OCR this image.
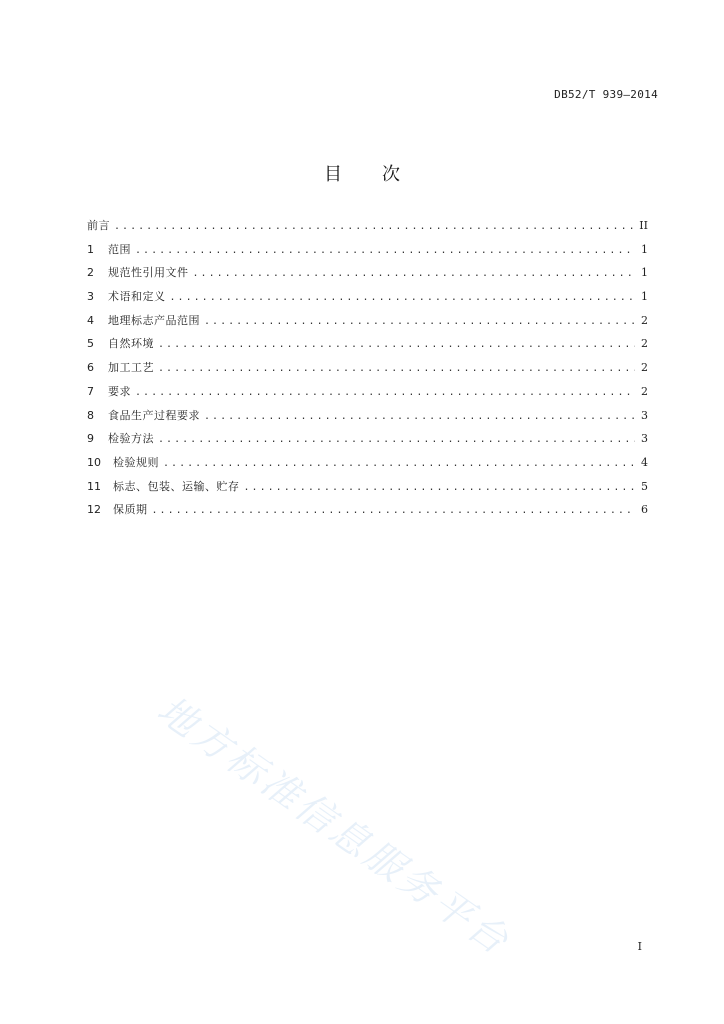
DB52/T 939—2014
目 次
前言 . . .	II
1	范围 . . .	1
2	规范性引用文件 . . .	1
3	术语和定义 . . .	1
4	地理标志产品范围 . . .	2
5	自然环境 . . .	2
6	加工工艺 . . .	2
7	要求 . . .	2
8	食品生产过程要求 . . .	3
9	检验方法 . . .	3
10	检验规则 . . .	4
11	标志、包装、运输、贮存 . . .	5
12	保质期 . . .	6
地方标准信息服务平台	I
